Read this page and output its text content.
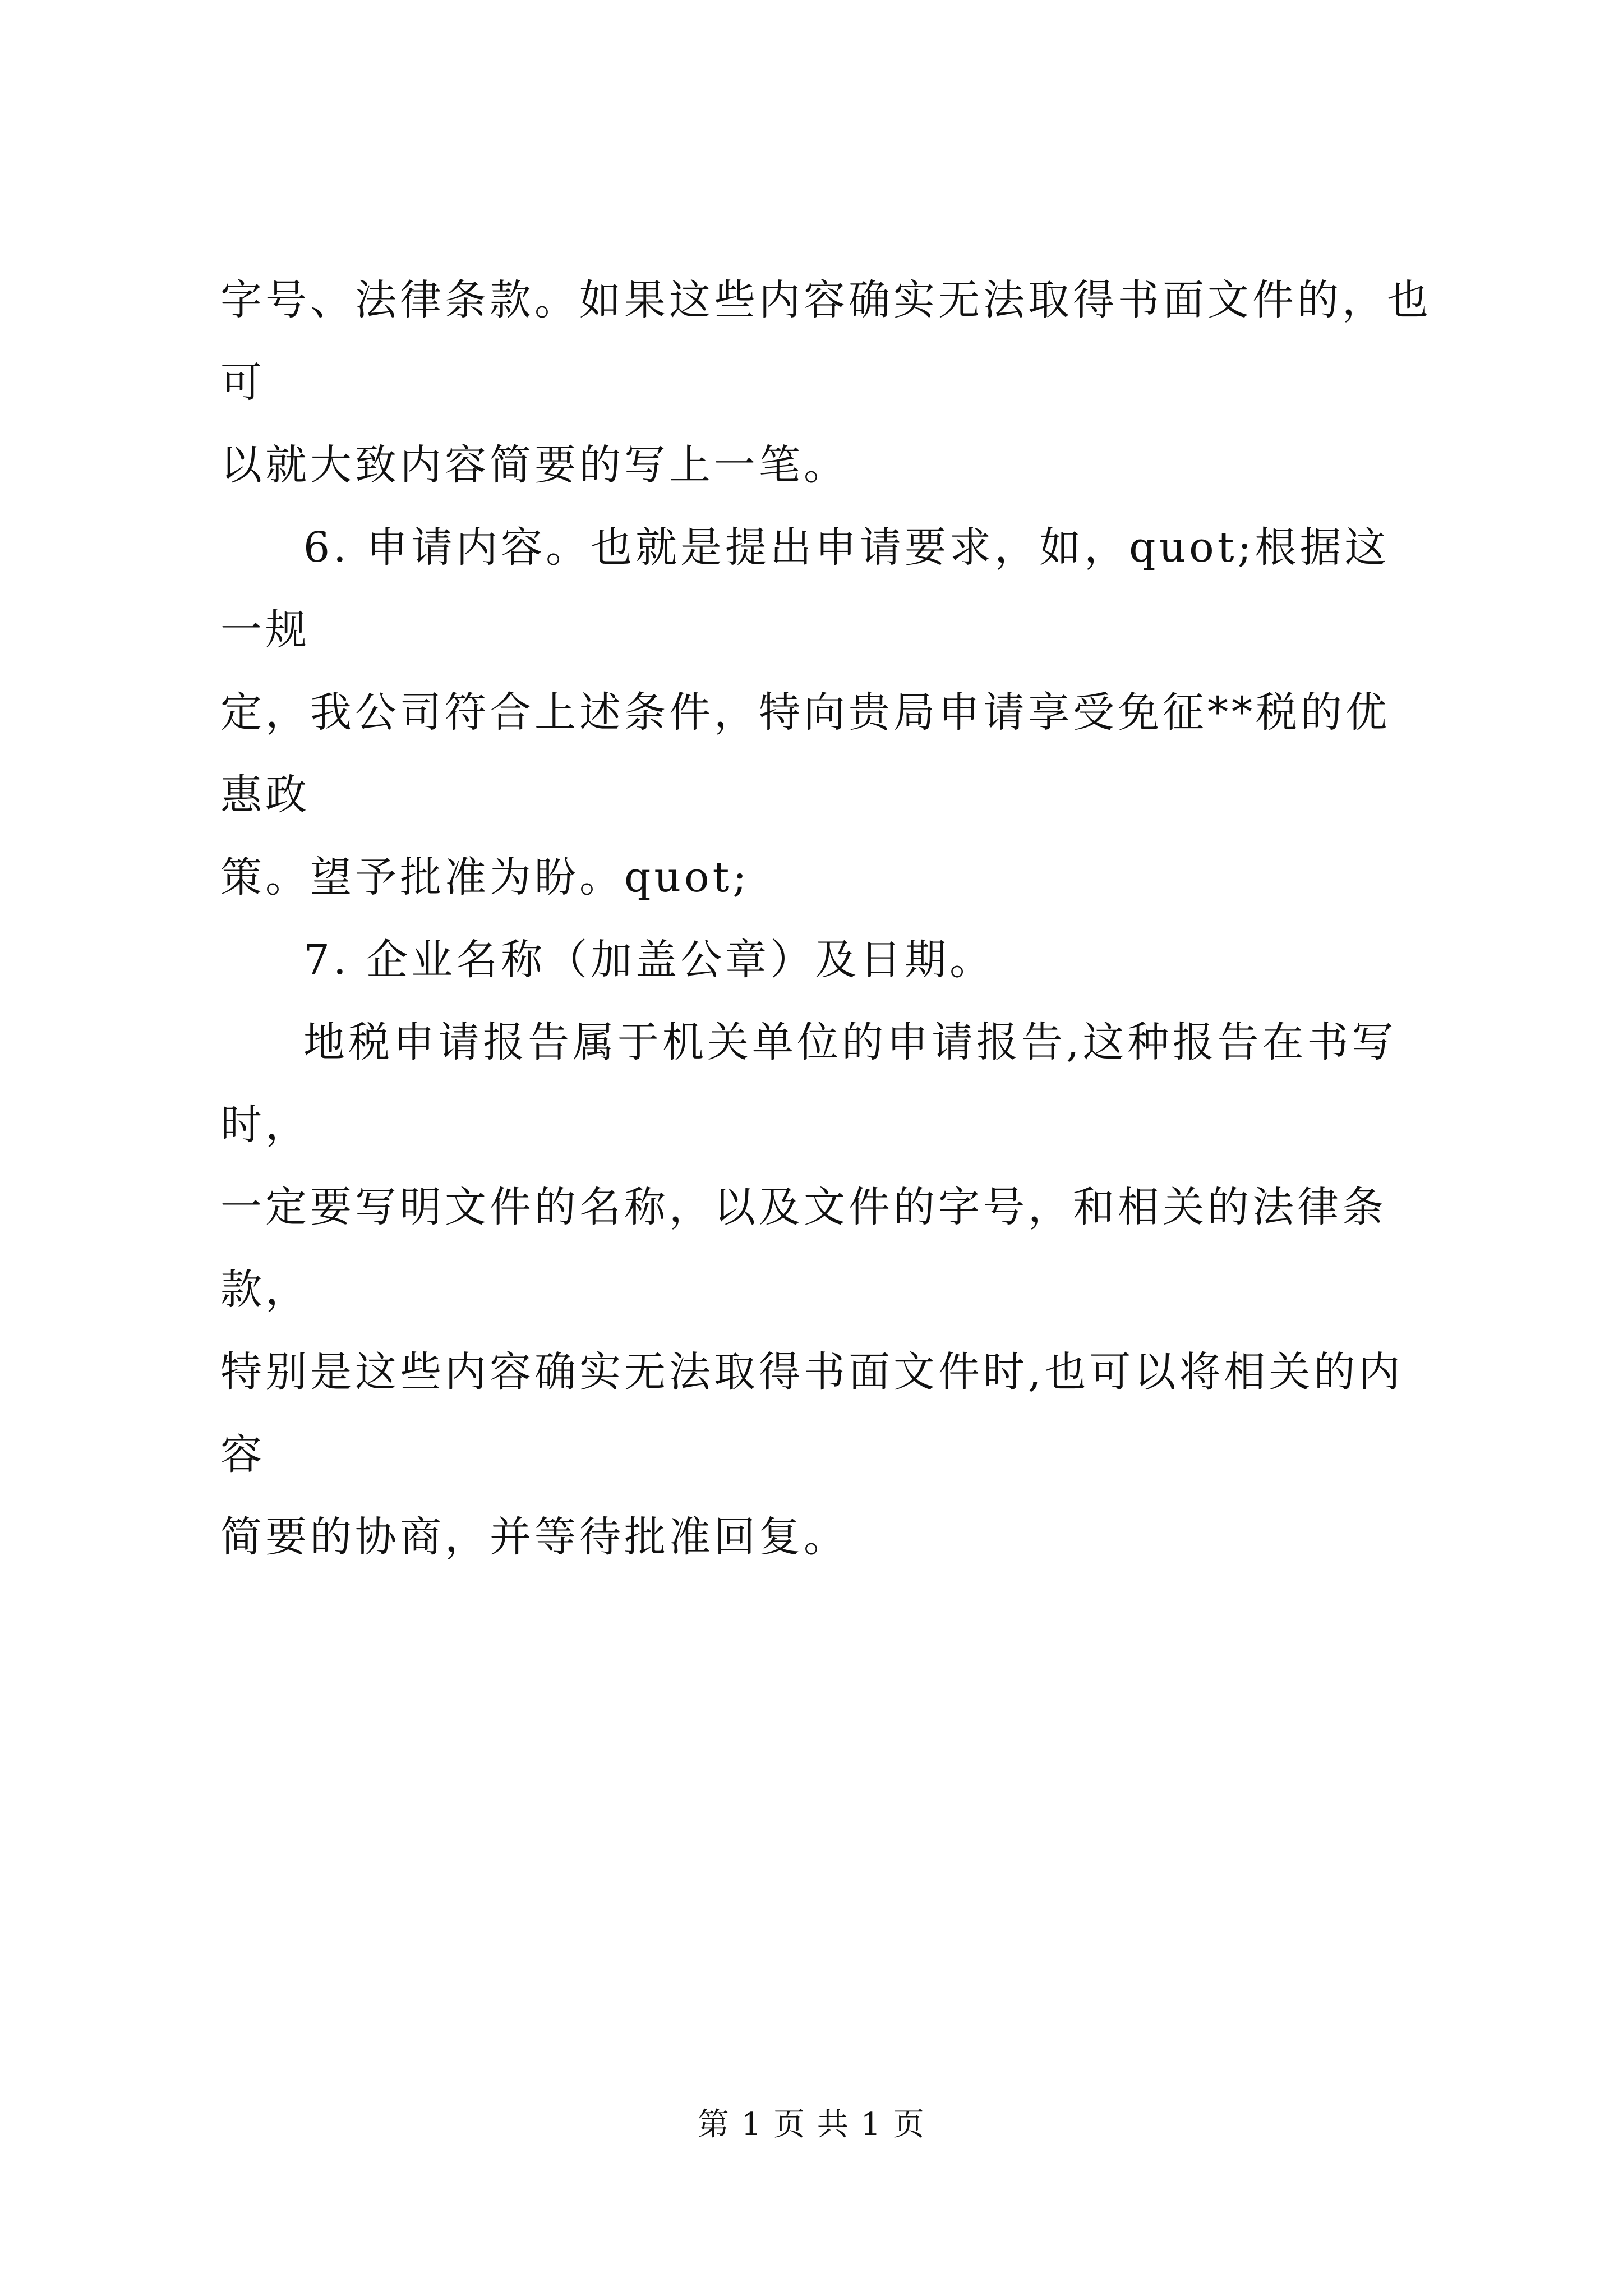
字号、法律条款。如果这些内容确实无法取得书面文件的，也可
以就大致内容简要的写上一笔。

6. 申请内容。也就是提出申请要求，如，quot;根据这一规
定，我公司符合上述条件，特向贵局申请享受免征**税的优惠政
策。望予批准为盼。quot;

7. 企业名称（加盖公章）及日期。

地税申请报告属于机关单位的申请报告,这种报告在书写时，
一定要写明文件的名称，以及文件的字号，和相关的法律条款，
特别是这些内容确实无法取得书面文件时,也可以将相关的内容
简要的协商，并等待批准回复。

第 1 页 共 1 页
